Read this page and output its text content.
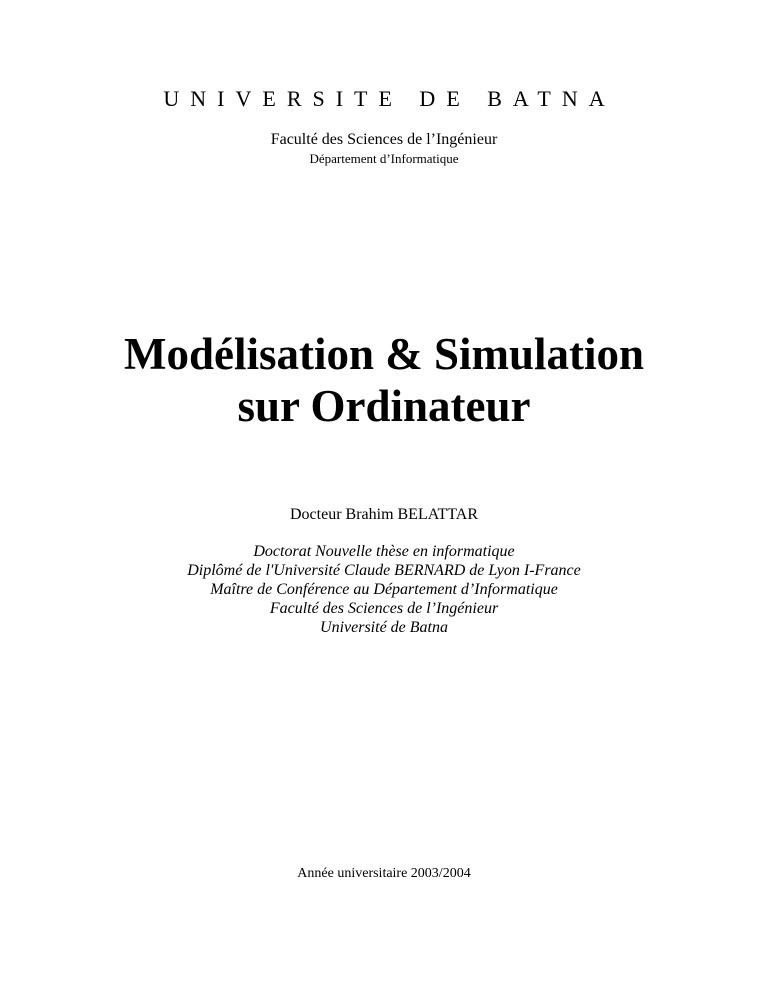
UNIVERSITE DE BATNA
Faculté des Sciences de l’Ingénieur
Département d’Informatique
Modélisation & Simulation
sur Ordinateur
Docteur Brahim BELATTAR
Doctorat Nouvelle thèse en informatique
Diplômé de l'Université Claude BERNARD de Lyon I-France
Maître de Conférence au Département d’Informatique
Faculté des Sciences de l’Ingénieur
Université de Batna
Année universitaire 2003/2004
